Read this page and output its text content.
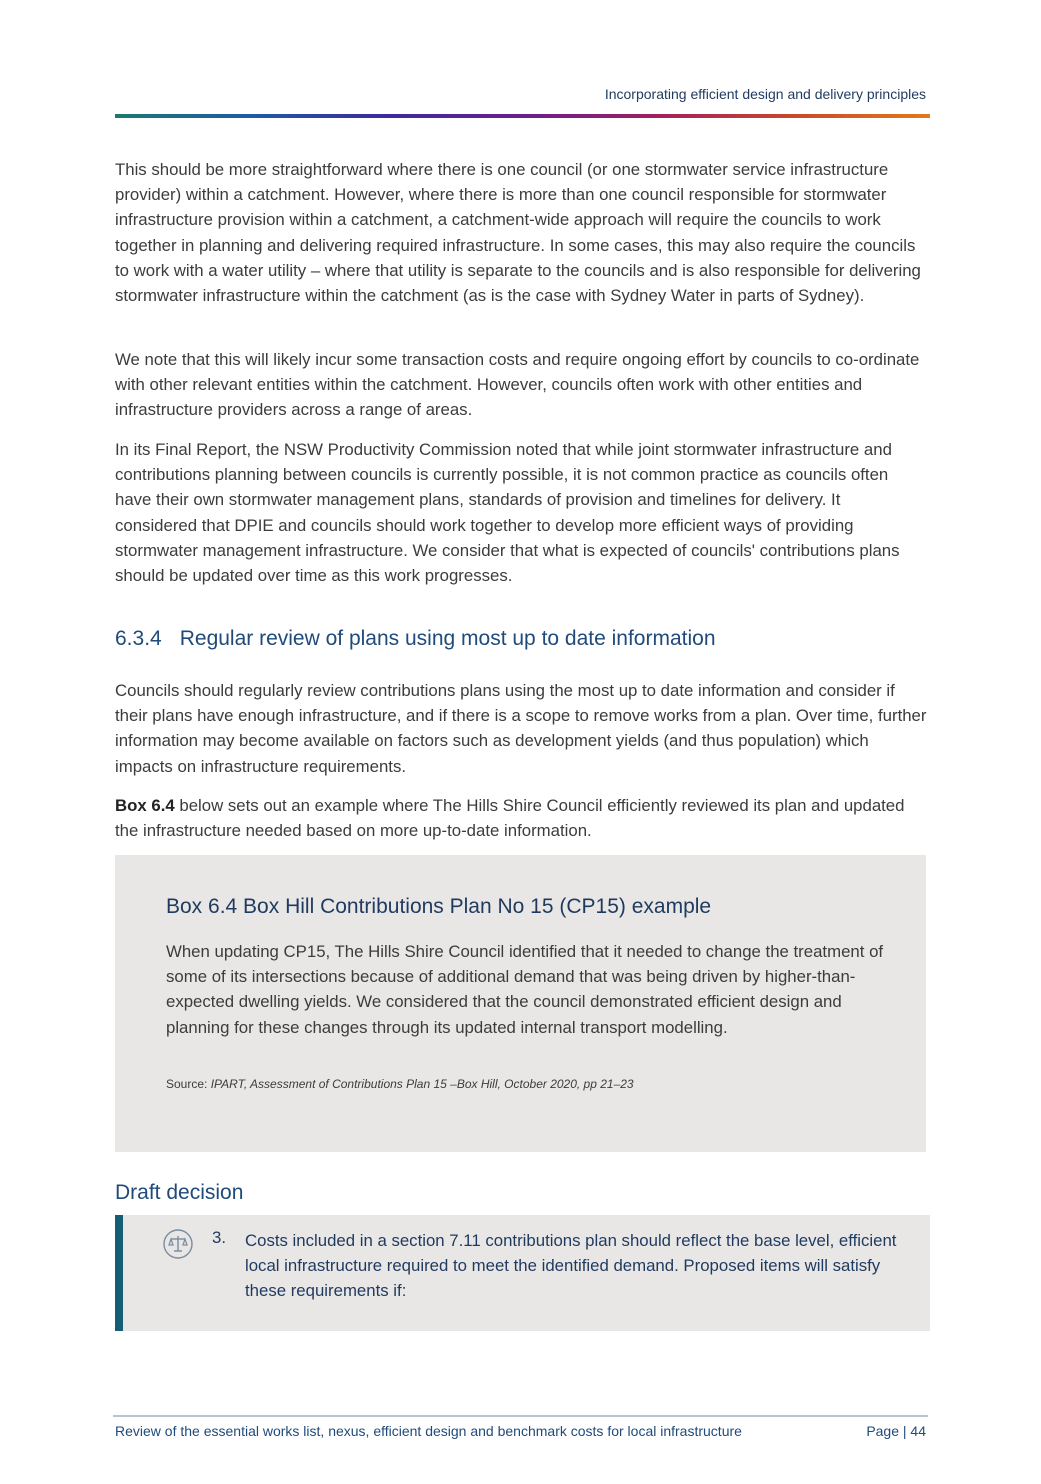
Incorporating efficient design and delivery principles

This should be more straightforward where there is one council (or one stormwater service infrastructure provider) within a catchment. However, where there is more than one council responsible for stormwater infrastructure provision within a catchment, a catchment-wide approach will require the councils to work together in planning and delivering required infrastructure. In some cases, this may also require the councils to work with a water utility – where that utility is separate to the councils and is also responsible for delivering stormwater infrastructure within the catchment (as is the case with Sydney Water in parts of Sydney).

We note that this will likely incur some transaction costs and require ongoing effort by councils to co-ordinate with other relevant entities within the catchment. However, councils often work with other entities and infrastructure providers across a range of areas.

In its Final Report, the NSW Productivity Commission noted that while joint stormwater infrastructure and contributions planning between councils is currently possible, it is not common practice as councils often have their own stormwater management plans, standards of provision and timelines for delivery. It considered that DPIE and councils should work together to develop more efficient ways of providing stormwater management infrastructure. We consider that what is expected of councils' contributions plans should be updated over time as this work progresses.

6.3.4 Regular review of plans using most up to date information

Councils should regularly review contributions plans using the most up to date information and consider if their plans have enough infrastructure, and if there is a scope to remove works from a plan. Over time, further information may become available on factors such as development yields (and thus population) which impacts on infrastructure requirements.

Box 6.4 below sets out an example where The Hills Shire Council efficiently reviewed its plan and updated the infrastructure needed based on more up-to-date information.

Box 6.4 Box Hill Contributions Plan No 15 (CP15) example

When updating CP15, The Hills Shire Council identified that it needed to change the treatment of some of its intersections because of additional demand that was being driven by higher-than-expected dwelling yields. We considered that the council demonstrated efficient design and planning for these changes through its updated internal transport modelling.

Source: IPART, Assessment of Contributions Plan 15 –Box Hill, October 2020, pp 21–23
Draft decision
3. Costs included in a section 7.11 contributions plan should reflect the base level, efficient local infrastructure required to meet the identified demand. Proposed items will satisfy these requirements if:

Review of the essential works list, nexus, efficient design and benchmark costs for local infrastructure	Page | 44
